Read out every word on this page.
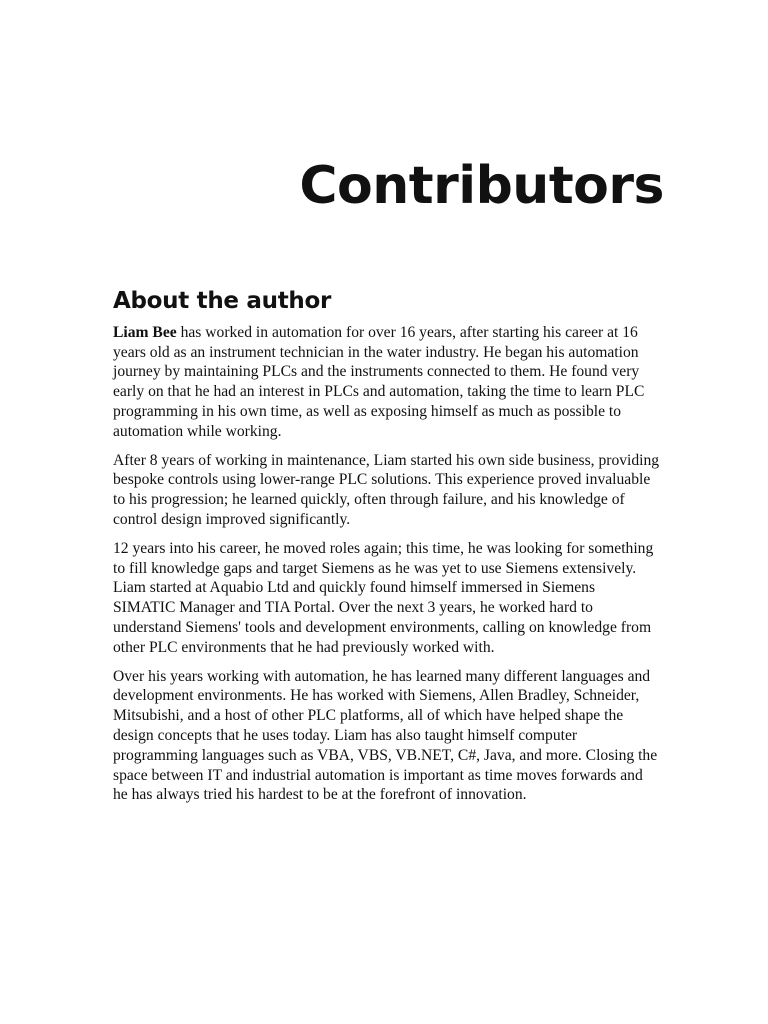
Contributors
About the author

Liam Bee has worked in automation for over 16 years, after starting his career at 16 years old as an instrument technician in the water industry. He began his automation journey by maintaining PLCs and the instruments connected to them. He found very early on that he had an interest in PLCs and automation, taking the time to learn PLC programming in his own time, as well as exposing himself as much as possible to automation while working.

After 8 years of working in maintenance, Liam started his own side business, providing bespoke controls using lower-range PLC solutions. This experience proved invaluable to his progression; he learned quickly, often through failure, and his knowledge of control design improved significantly.

12 years into his career, he moved roles again; this time, he was looking for something to fill knowledge gaps and target Siemens as he was yet to use Siemens extensively. Liam started at Aquabio Ltd and quickly found himself immersed in Siemens SIMATIC Manager and TIA Portal. Over the next 3 years, he worked hard to understand Siemens' tools and development environments, calling on knowledge from other PLC environments that he had previously worked with.

Over his years working with automation, he has learned many different languages and development environments. He has worked with Siemens, Allen Bradley, Schneider, Mitsubishi, and a host of other PLC platforms, all of which have helped shape the design concepts that he uses today. Liam has also taught himself computer programming languages such as VBA, VBS, VB.NET, C#, Java, and more. Closing the space between IT and industrial automation is important as time moves forwards and he has always tried his hardest to be at the forefront of innovation.
